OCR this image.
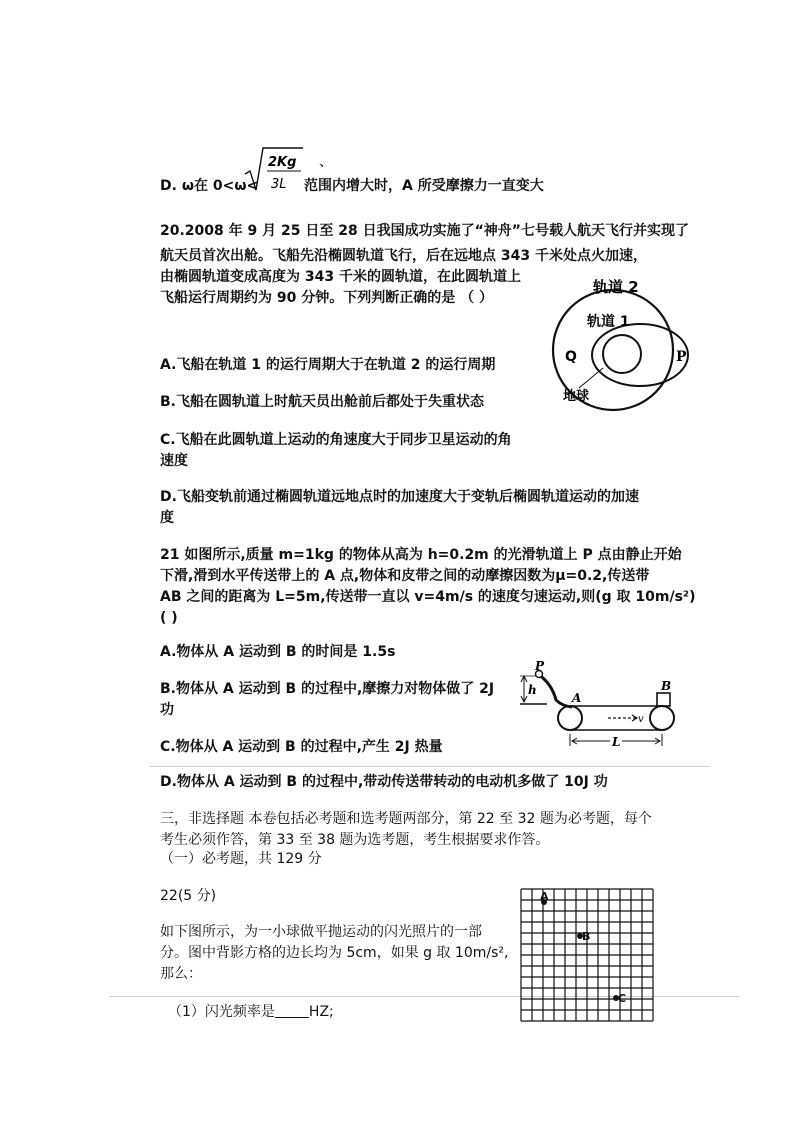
D. ω在 0<ω<
2Kg
3L
、
范围内增大时，A 所受摩擦力一直变大
20.2008 年 9 月 25 日至 28 日我国成功实施了“神舟”七号载人航天飞行并实现了
航天员首次出舱。飞船先沿椭圆轨道飞行，后在远地点 343 千米处点火加速，
由椭圆轨道变成高度为 343 千米的圆轨道，在此圆轨道上
飞船运行周期约为 90 分钟。下列判断正确的是 （ ）
轨道 2
轨道 1
Q	P
地球
A.飞船在轨道 1 的运行周期大于在轨道 2 的运行周期
B.飞船在圆轨道上时航天员出舱前后都处于失重状态
C.飞船在此圆轨道上运动的角速度大于同步卫星运动的角
速度
D.飞船变轨前通过椭圆轨道远地点时的加速度大于变轨后椭圆轨道运动的加速
度
21 如图所示,质量 m=1kg 的物体从高为 h=0.2m 的光滑轨道上 P 点由静止开始
下滑,滑到水平传送带上的 A 点,物体和皮带之间的动摩擦因数为μ=0.2,传送带
AB 之间的距离为 L=5m,传送带一直以 v=4m/s 的速度匀速运动,则(g 取 10m/s²)
( )
A.物体从 A 运动到 B 的时间是 1.5s
B.物体从 A 运动到 B 的过程中,摩擦力对物体做了 2J
功
h
P
A
B
v
L
C.物体从 A 运动到 B 的过程中,产生 2J 热量
D.物体从 A 运动到 B 的过程中,带动传送带转动的电动机多做了 10J 功
三，非选择题 本卷包括必考题和选考题两部分，第 22 至 32 题为必考题，每个
考生必须作答，第 33 至 38 题为选考题，考生根据要求作答。
（一）必考题，共 129 分
22(5 分)
如下图所示，为一小球做平抛运动的闪光照片的一部
分。图中背影方格的边长均为 5cm，如果 g 取 10m/s²,
那么：
（1）闪光频率是 HZ;
A
B
C
